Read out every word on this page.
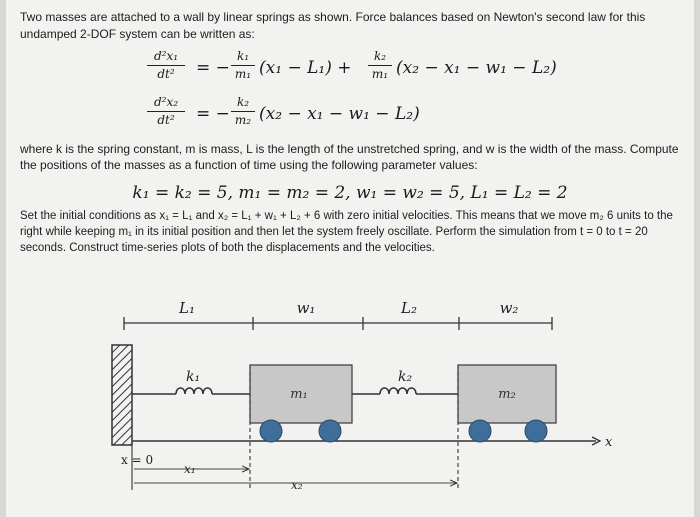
Two masses are attached to a wall by linear springs as shown. Force balances based on Newton's second law for this undamped 2-DOF system can be written as:
d²x₁
dt²	= −
k₁
m₁ (x₁ − L₁) +
k₂
m₁ (x₂ − x₁ − w₁ − L₂)
d²x₂
dt²	= −
k₂
m₂ (x₂ − x₁ − w₁ − L₂)
where k is the spring constant, m is mass, L is the length of the unstretched spring, and w is the width of the mass. Compute the positions of the masses as a function of time using the following parameter values:
k₁ = k₂ = 5, m₁ = m₂ = 2, w₁ = w₂ = 5, L₁ = L₂ = 2
Set the initial conditions as x₁ = L₁ and x₂ = L₁ + w₁ + L₂ + 6 with zero initial velocities. This means that we move m₂ 6 units to the right while keeping m₁ in its initial position and then let the system freely oscillate. Perform the simulation from t = 0 to t = 20 seconds. Construct time-series plots of both the displacements and the velocities.
L₁	w₁	L₂	w₂
x
k₁
m₁
k₂
m₂
x = 0
x₁
x₂
